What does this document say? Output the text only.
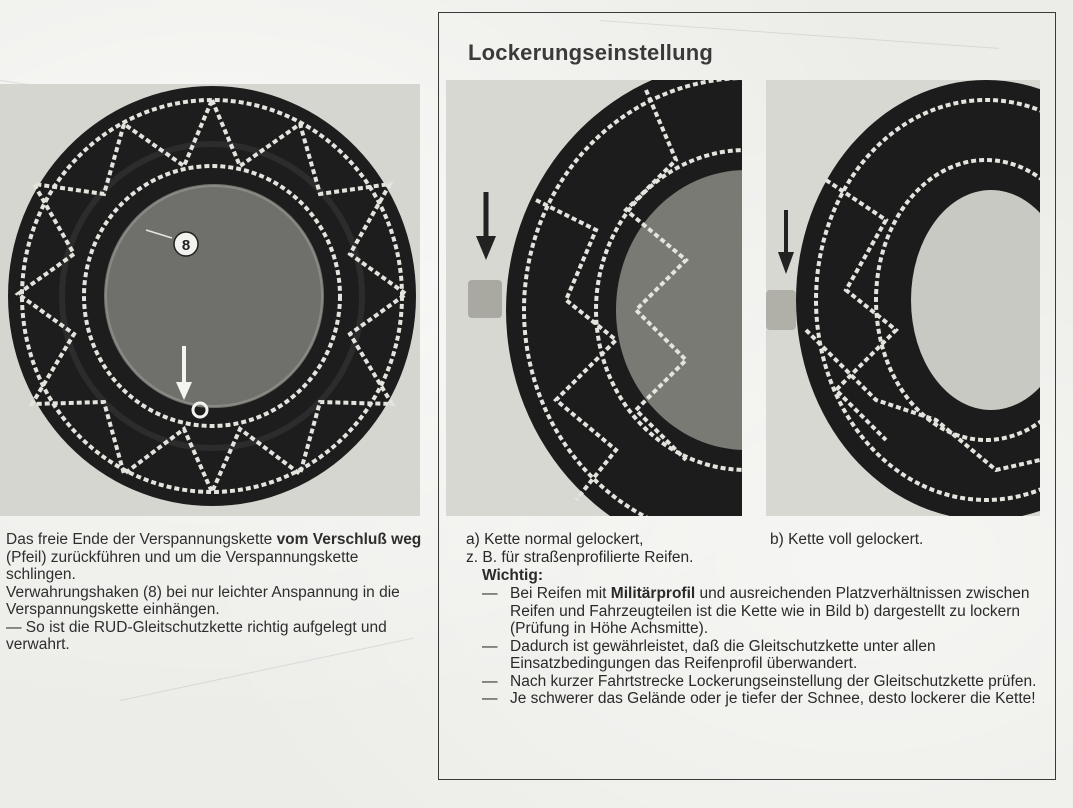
8
Lockerungseinstellung

Das freie Ende der Verspannungskette vom Verschluß weg (Pfeil) zurückführen und um die Verspannungskette schlingen.

Verwahrungshaken (8) bei nur leichter Anspannung in die Verspannungskette einhängen.

— So ist die RUD-Gleitschutzkette richtig aufgelegt und verwahrt.

a) Kette normal gelockert,
z. B. für straßenprofilierte Reifen.
b) Kette voll gelockert.
Wichtig:
— Bei Reifen mit Militärprofil und ausreichenden Platzverhältnissen zwischen Reifen und Fahrzeugteilen ist die Kette wie in Bild b) dargestellt zu lockern (Prüfung in Höhe Achsmitte).
— Dadurch ist gewährleistet, daß die Gleitschutzkette unter allen Einsatzbedingungen das Reifenprofil überwandert.
— Nach kurzer Fahrtstrecke Lockerungseinstellung der Gleitschutzkette prüfen.
— Je schwerer das Gelände oder je tiefer der Schnee, desto lockerer die Kette!
